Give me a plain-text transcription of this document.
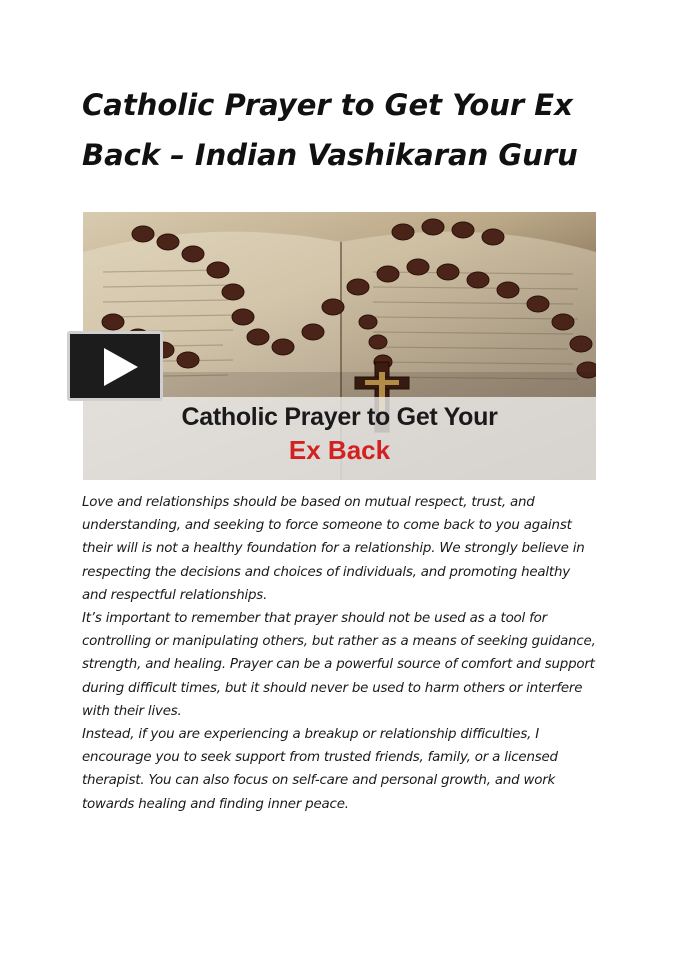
Catholic Prayer to Get Your Ex Back – Indian Vashikaran Guru
Catholic Prayer to Get Your
Ex Back

Love and relationships should be based on mutual respect, trust, and understanding, and seeking to force someone to come back to you against their will is not a healthy foundation for a relationship. We strongly believe in respecting the decisions and choices of individuals, and promoting healthy and respectful relationships.

It’s important to remember that prayer should not be used as a tool for controlling or manipulating others, but rather as a means of seeking guidance, strength, and healing. Prayer can be a powerful source of comfort and support during difficult times, but it should never be used to harm others or interfere with their lives.

Instead, if you are experiencing a breakup or relationship difficulties, I encourage you to seek support from trusted friends, family, or a licensed therapist. You can also focus on self-care and personal growth, and work towards healing and finding inner peace.
